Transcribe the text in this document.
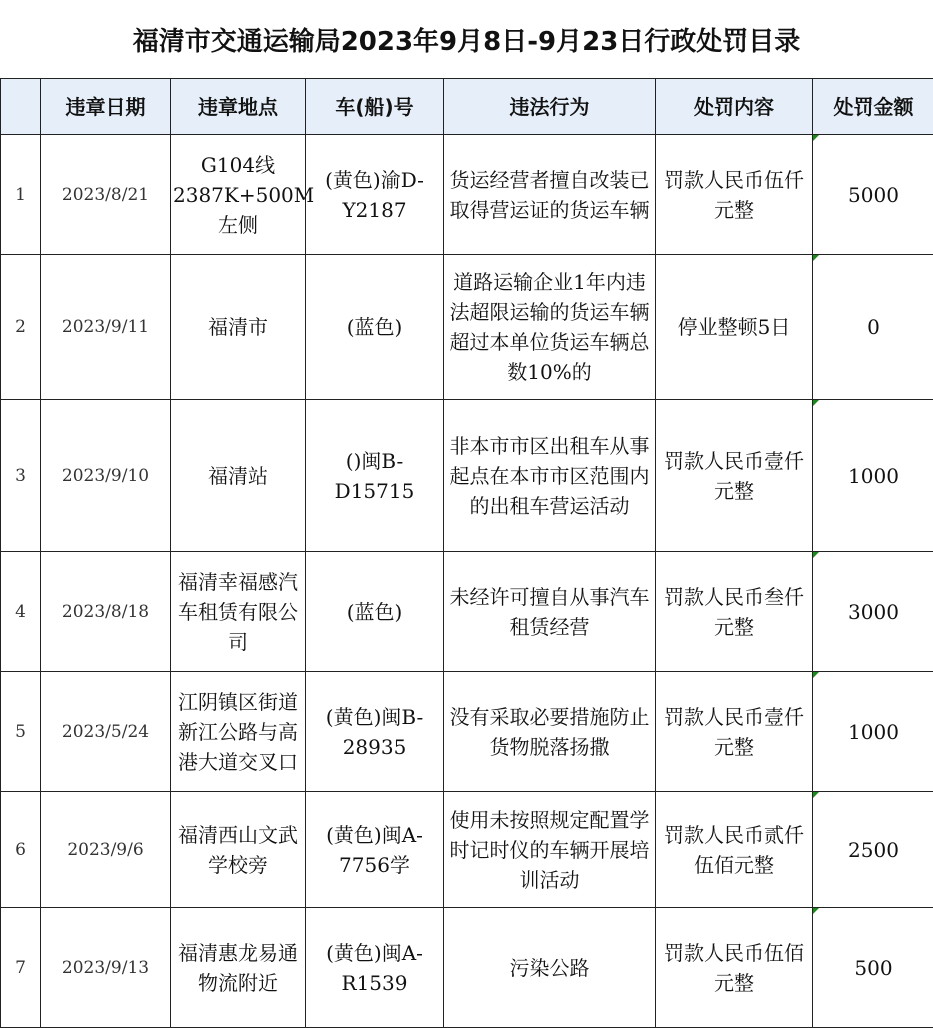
福清市交通运输局2023年9月8日-9月23日行政处罚目录
	违章日期	违章地点	车(船)号	违法行为	处罚内容	处罚金额
1	2023/8/21	G104线2387K+500M左侧	(黄色)渝D-Y2187	货运经营者擅自改装已取得营运证的货运车辆	罚款人民币伍仟元整	5000
2	2023/9/11	福清市	(蓝色)	道路运输企业1年内违法超限运输的货运车辆超过本单位货运车辆总数10%的	停业整顿5日	0
3	2023/9/10	福清站	()闽B-D15715	非本市市区出租车从事起点在本市市区范围内的出租车营运活动	罚款人民币壹仟元整	1000
4	2023/8/18	福清幸福感汽车租赁有限公司	(蓝色)	未经许可擅自从事汽车租赁经营	罚款人民币叁仟元整	3000
5	2023/5/24	江阴镇区街道新江公路与高港大道交叉口	(黄色)闽B-28935	没有采取必要措施防止货物脱落扬撒	罚款人民币壹仟元整	1000
6	2023/9/6	福清西山文武学校旁	(黄色)闽A-7756学	使用未按照规定配置学时记时仪的车辆开展培训活动	罚款人民币贰仟伍佰元整	2500
7	2023/9/13	福清惠龙易通物流附近	(黄色)闽A-R1539	污染公路	罚款人民币伍佰元整	500
